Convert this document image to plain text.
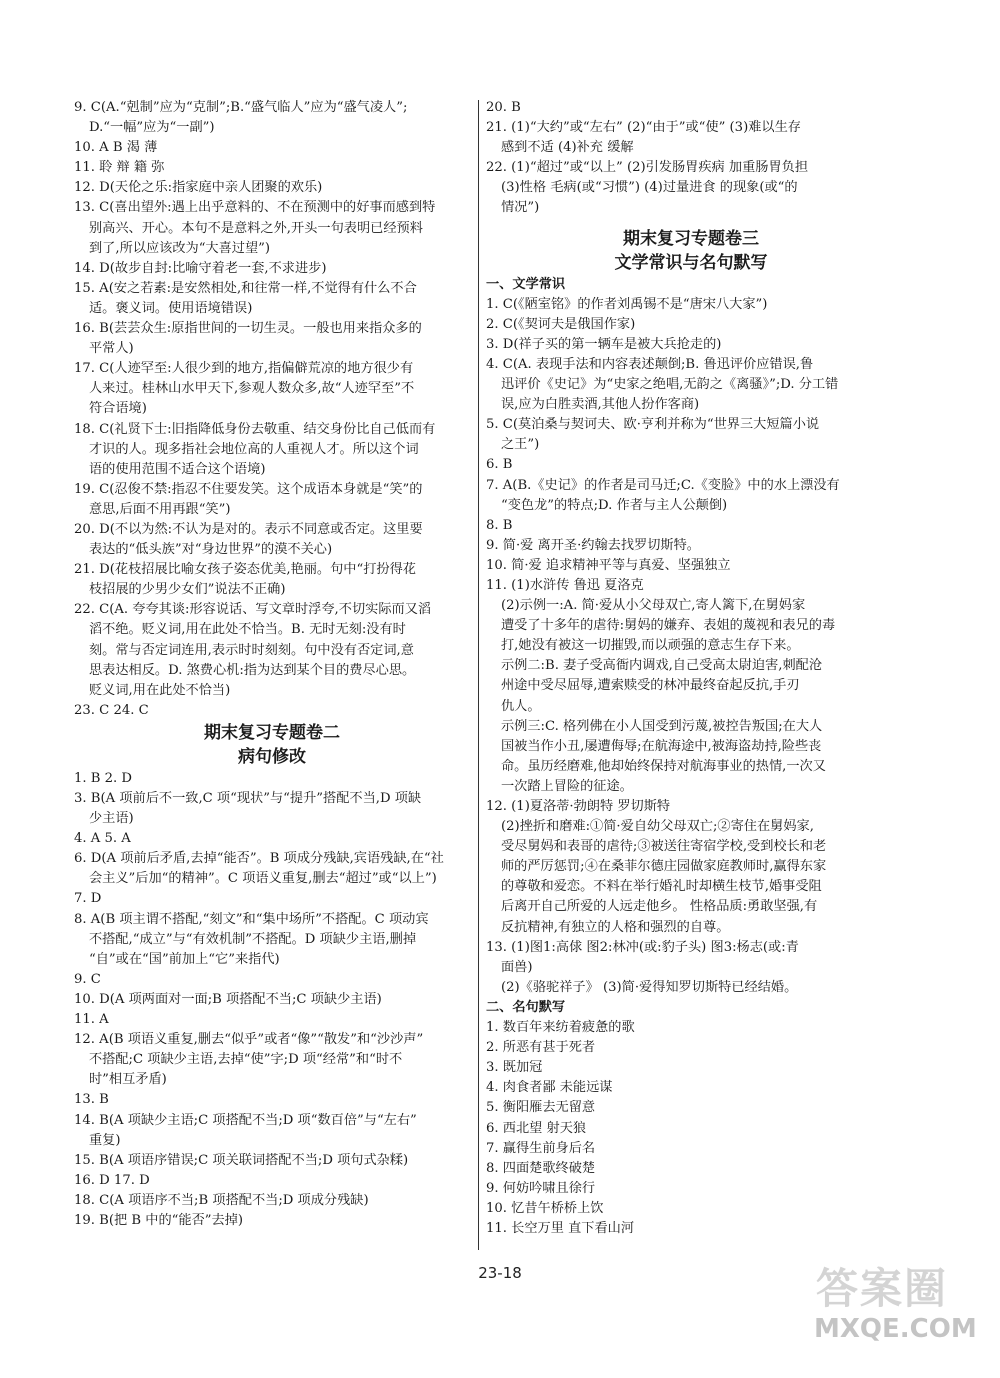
9. C(A.“剋制”应为“克制”;B.“盛气临人”应为“盛气凌人”;
D.“一幅”应为“一副”)
10. A B 渴 薄
11. 聆 辩 籍 弥
12. D(天伦之乐:指家庭中亲人团聚的欢乐)
13. C(喜出望外:遇上出乎意料的、不在预测中的好事而感到特
别高兴、开心。本句不是意料之外,开头一句表明已经预料
到了,所以应该改为“大喜过望”)
14. D(故步自封:比喻守着老一套,不求进步)
15. A(安之若素:是安然相处,和往常一样,不觉得有什么不合
适。褒义词。使用语境错误)
16. B(芸芸众生:原指世间的一切生灵。一般也用来指众多的
平常人)
17. C(人迹罕至:人很少到的地方,指偏僻荒凉的地方很少有
人来过。桂林山水甲天下,参观人数众多,故“人迹罕至”不
符合语境)
18. C(礼贤下士:旧指降低身份去敬重、结交身份比自己低而有
才识的人。现多指社会地位高的人重视人才。所以这个词
语的使用范围不适合这个语境)
19. C(忍俊不禁:指忍不住要发笑。这个成语本身就是“笑”的
意思,后面不用再跟“笑”)
20. D(不以为然:不认为是对的。表示不同意或否定。这里要
表达的“低头族”对“身边世界”的漠不关心)
21. D(花枝招展比喻女孩子姿态优美,艳丽。句中“打扮得花
枝招展的少男少女们”说法不正确)
22. C(A. 夸夸其谈:形容说话、写文章时浮夸,不切实际而又滔
滔不绝。贬义词,用在此处不恰当。B. 无时无刻:没有时
刻。常与否定词连用,表示时时刻刻。句中没有否定词,意
思表达相反。D. 煞费心机:指为达到某个目的费尽心思。
贬义词,用在此处不恰当)
23. C 24. C
期末复习专题卷二
病句修改
1. B 2. D
3. B(A 项前后不一致,C 项“现状”与“提升”搭配不当,D 项缺
少主语)
4. A 5. A
6. D(A 项前后矛盾,去掉“能否”。B 项成分残缺,宾语残缺,在“社
会主义”后加“的精神”。C 项语义重复,删去“超过”或“以上”)
7. D
8. A(B 项主谓不搭配,“刻文”和“集中场所”不搭配。C 项动宾
不搭配,“成立”与“有效机制”不搭配。D 项缺少主语,删掉
“自”或在“国”前加上“它”来指代)
9. C
10. D(A 项两面对一面;B 项搭配不当;C 项缺少主语)
11. A
12. A(B 项语义重复,删去“似乎”或者“像”“散发”和“沙沙声”
不搭配;C 项缺少主语,去掉“使”字;D 项“经常”和“时不
时”相互矛盾)
13. B
14. B(A 项缺少主语;C 项搭配不当;D 项“数百倍”与“左右”
重复)
15. B(A 项语序错误;C 项关联词搭配不当;D 项句式杂糅)
16. D 17. D
18. C(A 项语序不当;B 项搭配不当;D 项成分残缺)
19. B(把 B 中的“能否”去掉)
20. B
21. (1)“大约”或“左右” (2)“由于”或“使” (3)难以生存
感到不适 (4)补充 缓解
22. (1)“超过”或“以上” (2)引发肠胃疾病 加重肠胃负担
(3)性格 毛病(或“习惯”) (4)过量进食 的现象(或“的
情况”)
期末复习专题卷三
文学常识与名句默写
一、文学常识
1. C(《陋室铭》的作者刘禹锡不是“唐宋八大家”)
2. C(《契诃夫是俄国作家)
3. D(祥子买的第一辆车是被大兵抢走的)
4. C(A. 表现手法和内容表述颠倒;B. 鲁迅评价应错误,鲁
迅评价《史记》为“史家之绝唱,无韵之《离骚》”;D. 分工错
误,应为白胜卖酒,其他人扮作客商)
5. C(莫泊桑与契诃夫、欧·亨利并称为“世界三大短篇小说
之王”)
6. B
7. A(B.《史记》的作者是司马迁;C.《变脸》中的水上漂没有
“变色龙”的特点;D. 作者与主人公颠倒)
8. B
9. 简·爱 离开圣·约翰去找罗切斯特。
10. 简·爱 追求精神平等与真爱、坚强独立
11. (1)水浒传 鲁迅 夏洛克
(2)示例一:A. 简·爱从小父母双亡,寄人篱下,在舅妈家
遭受了十多年的虐待:舅妈的嫌弃、表姐的蔑视和表兄的毒
打,她没有被这一切摧毁,而以顽强的意志生存下来。
示例二:B. 妻子受高衙内调戏,自己受高太尉迫害,刺配沧
州途中受尽屈辱,遭索赎受的林冲最终奋起反抗,手刃
仇人。
示例三:C. 格列佛在小人国受到污蔑,被控告叛国;在大人
国被当作小丑,屡遭侮辱;在航海途中,被海盗劫持,险些丧
命。虽历经磨难,他却始终保持对航海事业的热情,一次又
一次踏上冒险的征途。
12. (1)夏洛蒂·勃朗特 罗切斯特
(2)挫折和磨难:①简·爱自幼父母双亡;②寄住在舅妈家,
受尽舅妈和表哥的虐待;③被送往寄宿学校,受到校长和老
师的严厉惩罚;④在桑菲尔德庄园做家庭教师时,赢得东家
的尊敬和爱恋。不料在举行婚礼时却横生枝节,婚事受阻
后离开自己所爱的人远走他乡。 性格品质:勇敢坚强,有
反抗精神,有独立的人格和强烈的自尊。
13. (1)图1:高俅 图2:林冲(或:豹子头) 图3:杨志(或:青
面兽)
(2)《骆驼祥子》 (3)简·爱得知罗切斯特已经结婚。
二、名句默写
1. 数百年来纺着疲惫的歌
2. 所恶有甚于死者
3. 既加冠
4. 肉食者鄙 未能远谋
5. 衡阳雁去无留意
6. 西北望 射天狼
7. 赢得生前身后名
8. 四面楚歌终破楚
9. 何妨吟啸且徐行
10. 忆昔午桥桥上饮
11. 长空万里 直下看山河
23-18	答案圈
MXQE.COM
